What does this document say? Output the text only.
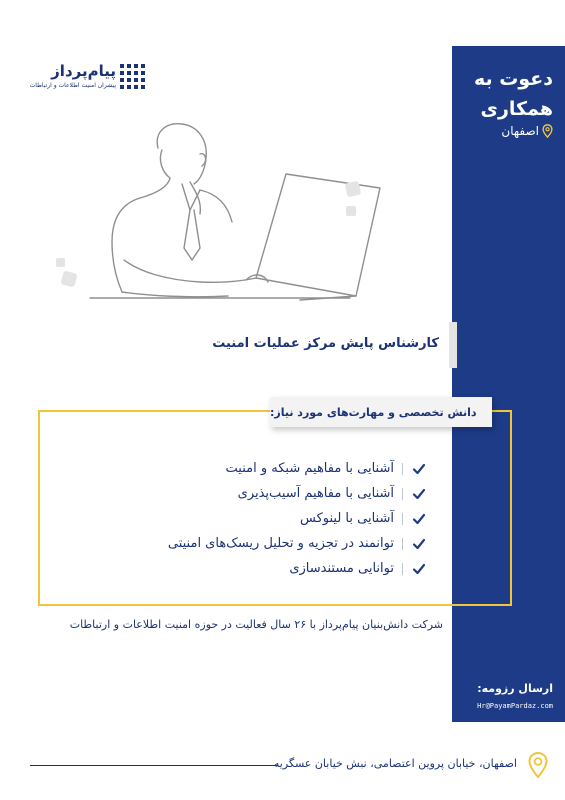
پیام‌پرداز
پیشران امنیت اطلاعات و ارتباطات	دعوت به همکاری
اصفهان
ارسال رزومه:
Hr@PayamPardaz.com
کارشناس پایش مرکز عملیات امنیت
دانش تخصصی و مهارت‌های مورد نیاز:
آشنایی با مفاهیم شبکه و امنیت
آشنایی با مفاهیم آسیب‌پذیری
آشنایی با لینوکس
توانمند در تجزیه و تحلیل ریسک‌های امنیتی
توانایی مستندسازی
شرکت دانش‌بنیان پیام‌پرداز با ۲۶ سال فعالیت در حوزه امنیت اطلاعات و ارتباطات
اصفهان، خیابان پروین اعتصامی، نبش خیابان عسگریه
